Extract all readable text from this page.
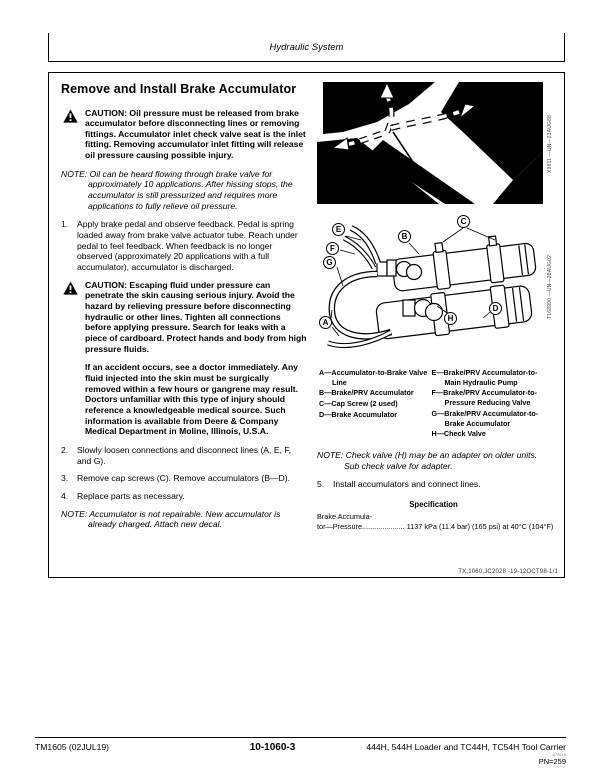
Hydraulic System
Remove and Install Brake Accumulator
CAUTION: Oil pressure must be released from brake accumulator before disconnecting lines or removing fittings. Accumulator inlet check valve seat is the inlet fitting. Removing accumulator inlet fitting will release oil pressure causing possible injury.
NOTE: Oil can be heard flowing through brake valve for approximately 10 applications. After hissing stops, the accumulator is still pressurized and requires more applications to fully relieve oil pressure.
1.	Apply brake pedal and observe feedback. Pedal is spring loaded away from brake valve actuator tube. Reach under pedal to feel feedback. When feedback is no longer observed (approximately 20 applications with a full accumulator), accumulator is discharged.
CAUTION: Escaping fluid under pressure can penetrate the skin causing serious injury. Avoid the hazard by relieving pressure before disconnecting hydraulic or other lines. Tighten all connections before applying pressure. Search for leaks with a piece of cardboard. Protect hands and body from high pressure fluids.
If an accident occurs, see a doctor immediately. Any fluid injected into the skin must be surgically removed within a few hours or gangrene may result. Doctors unfamiliar with this type of injury should reference a knowledgeable medical source. Such information is available from Deere & Company Medical Department in Moline, Illinois, U.S.A.
2.	Slowly loosen connections and disconnect lines (A, E, F, and G).
3.	Remove cap screws (C). Remove accumulators (B—D).
4.	Replace parts as necessary.
NOTE: Accumulator is not repairable. New accumulator is already charged. Attach new decal.
X9811 —UN—23AUG88
E
F
G
A
B
C
H
D	T168990 —UN—28AUG02
A—Accumulator-to-Brake Valve Line
B—Brake/PRV Accumulator
C—Cap Screw (2 used)
D—Brake Accumulator
E—Brake/PRV Accumulator-to-Main Hydraulic Pump
F—Brake/PRV Accumulator-to-Pressure Reducing Valve
G—Brake/PRV Accumulator-to-Brake Accumulator
H—Check Valve
NOTE: Check valve (H) may be an adapter on older units. Sub check valve for adapter.
5.	Install accumulators and connect lines.
Specification
Brake Accumula-
tor—Pressure..................... 1137 kPa (11.4 bar) (165 psi) at 40°C (104°F)
TX,1060,JC2028 -19-12OCT98-1/1
TM1605 (02JUL19)	10-1060-3	444H, 544H Loader and TC44H, TC54H Tool Carrier
070219
PN=259
